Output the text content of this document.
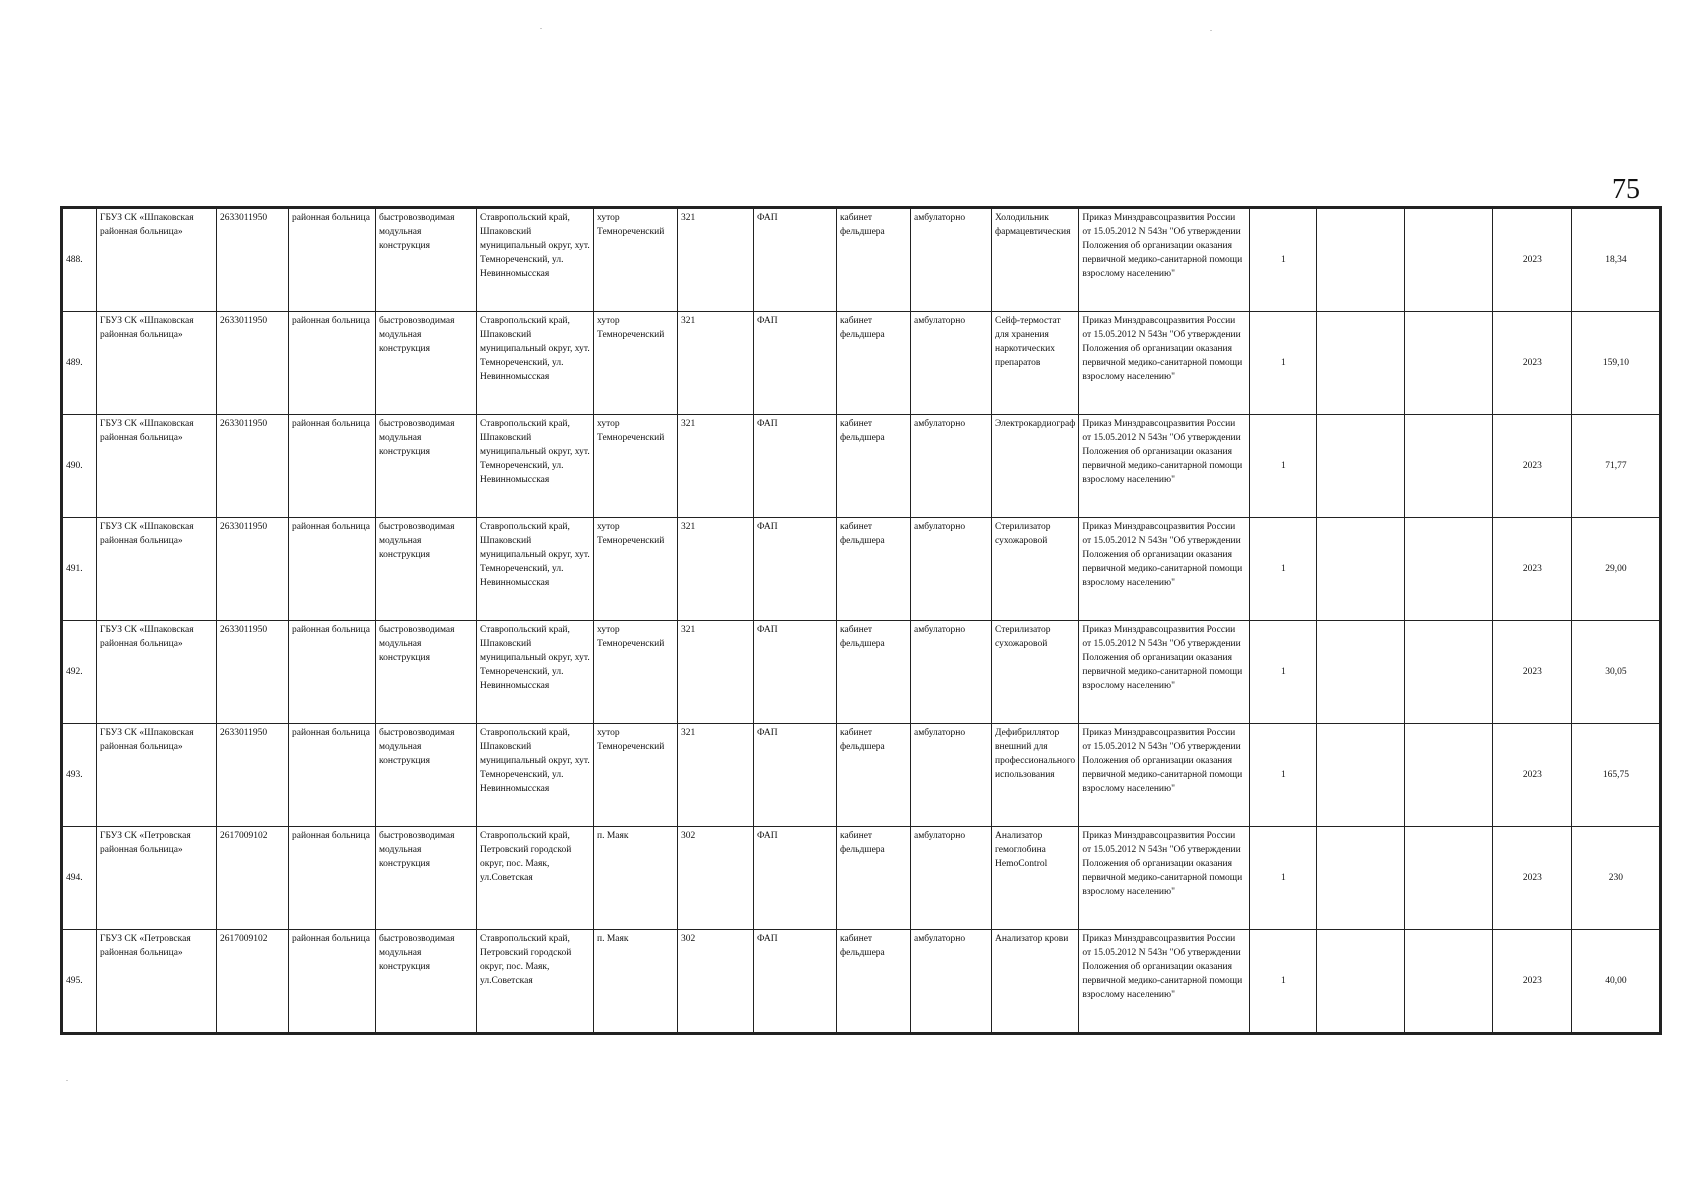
75
488.	ГБУЗ СК «Шпаковская районная больница»	2633011950	районная больница	быстровозводимая модульная конструкция	Ставропольский край, Шпаковский муниципальный округ, хут. Темнореченский, ул. Невинномысская	хутор Темнореченский	321	ФАП	кабинет фельдшера	амбулаторно	Холодильник фармацевтическия	Приказ Минздравсоцразвития России от 15.05.2012 N 543н "Об утверждении Положения об организации оказания первичной медико-санитарной помощи взрослому населению"	1			2023	18,34
489.	ГБУЗ СК «Шпаковская районная больница»	2633011950	районная больница	быстровозводимая модульная конструкция	Ставропольский край, Шпаковский муниципальный округ, хут. Темнореченский, ул. Невинномысская	хутор Темнореченский	321	ФАП	кабинет фельдшера	амбулаторно	Сейф-термостат для хранения наркотических препаратов	Приказ Минздравсоцразвития России от 15.05.2012 N 543н "Об утверждении Положения об организации оказания первичной медико-санитарной помощи взрослому населению"	1			2023	159,10
490.	ГБУЗ СК «Шпаковская районная больница»	2633011950	районная больница	быстровозводимая модульная конструкция	Ставропольский край, Шпаковский муниципальный округ, хут. Темнореченский, ул. Невинномысская	хутор Темнореченский	321	ФАП	кабинет фельдшера	амбулаторно	Электрокардиограф	Приказ Минздравсоцразвития России от 15.05.2012 N 543н "Об утверждении Положения об организации оказания первичной медико-санитарной помощи взрослому населению"	1			2023	71,77
491.	ГБУЗ СК «Шпаковская районная больница»	2633011950	районная больница	быстровозводимая модульная конструкция	Ставропольский край, Шпаковский муниципальный округ, хут. Темнореченский, ул. Невинномысская	хутор Темнореченский	321	ФАП	кабинет фельдшера	амбулаторно	Стерилизатор сухожаровой	Приказ Минздравсоцразвития России от 15.05.2012 N 543н "Об утверждении Положения об организации оказания первичной медико-санитарной помощи взрослому населению"	1			2023	29,00
492.	ГБУЗ СК «Шпаковская районная больница»	2633011950	районная больница	быстровозводимая модульная конструкция	Ставропольский край, Шпаковский муниципальный округ, хут. Темнореченский, ул. Невинномысская	хутор Темнореченский	321	ФАП	кабинет фельдшера	амбулаторно	Стерилизатор сухожаровой	Приказ Минздравсоцразвития России от 15.05.2012 N 543н "Об утверждении Положения об организации оказания первичной медико-санитарной помощи взрослому населению"	1			2023	30,05
493.	ГБУЗ СК «Шпаковская районная больница»	2633011950	районная больница	быстровозводимая модульная конструкция	Ставропольский край, Шпаковский муниципальный округ, хут. Темнореченский, ул. Невинномысская	хутор Темнореченский	321	ФАП	кабинет фельдшера	амбулаторно	Дефибриллятор внешний для профессионального использования	Приказ Минздравсоцразвития России от 15.05.2012 N 543н "Об утверждении Положения об организации оказания первичной медико-санитарной помощи взрослому населению"	1			2023	165,75
494.	ГБУЗ СК «Петровская районная больница»	2617009102	районная больница	быстровозводимая модульная конструкция	Ставропольский край, Петровский городской округ, пос. Маяк, ул.Советская	п. Маяк	302	ФАП	кабинет фельдшера	амбулаторно	Анализатор гемоглобина HemoControl	Приказ Минздравсоцразвития России от 15.05.2012 N 543н "Об утверждении Положения об организации оказания первичной медико-санитарной помощи взрослому населению"	1			2023	230
495.	ГБУЗ СК «Петровская районная больница»	2617009102	районная больница	быстровозводимая модульная конструкция	Ставропольский край, Петровский городской округ, пос. Маяк, ул.Советская	п. Маяк	302	ФАП	кабинет фельдшера	амбулаторно	Анализатор крови	Приказ Минздравсоцразвития России от 15.05.2012 N 543н "Об утверждении Положения об организации оказания первичной медико-санитарной помощи взрослому населению"	1			2023	40,00
